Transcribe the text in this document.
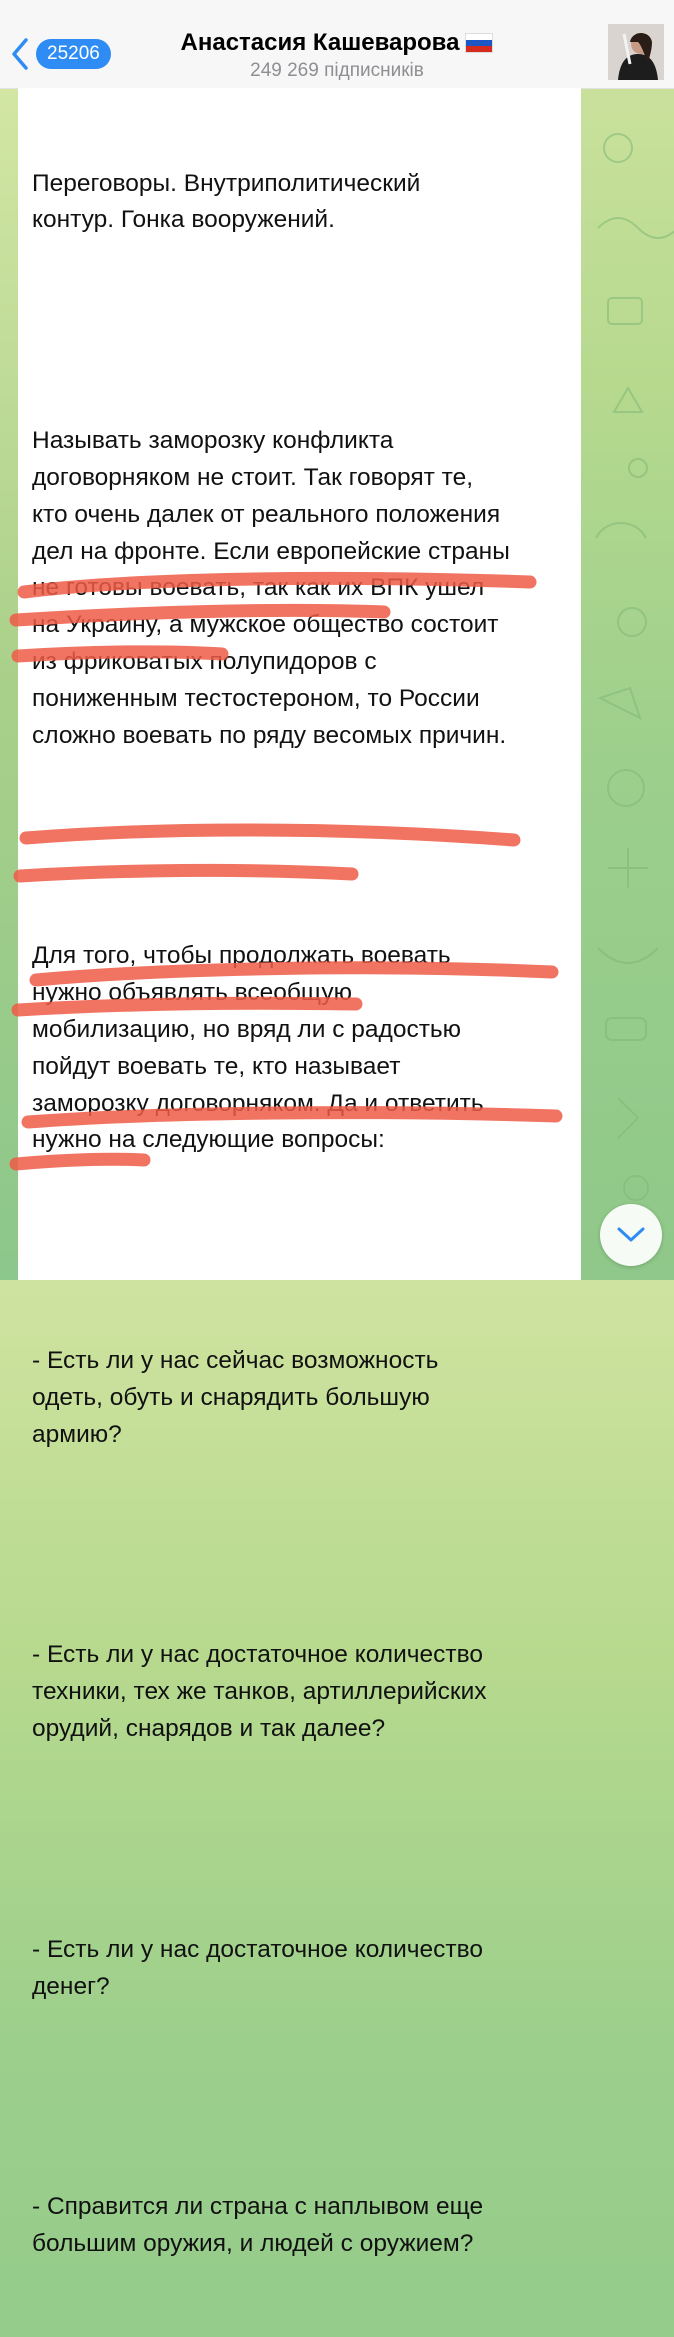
25206	Анастасия Кашеварова
249 269 підписників

Переговоры. Внутриполитический
контур. Гонка вооружений.

Называть заморозку конфликта
договорняком не стоит. Так говорят те,
кто очень далек от реального положения
дел на фронте. Если европейские страны
не готовы воевать, так как их ВПК ушел
на Украину, а мужское общество состоит
из фриковатых полупидоров с
пониженным тестостероном, то России
сложно воевать по ряду весомых причин.

Для того, чтобы продолжать воевать
нужно объявлять всеобщую
мобилизацию, но вряд ли с радостью
пойдут воевать те, кто называет
заморозку договорняком. Да и ответить
нужно на следующие вопросы:

- Есть ли у нас сейчас возможность
одеть, обуть и снарядить большую
армию?

- Есть ли у нас достаточное количество
техники, тех же танков, артиллерийских
орудий, снарядов и так далее?

- Есть ли у нас достаточное количество
денег?

- Справится ли страна с наплывом еще
большим оружия, и людей с оружием?
